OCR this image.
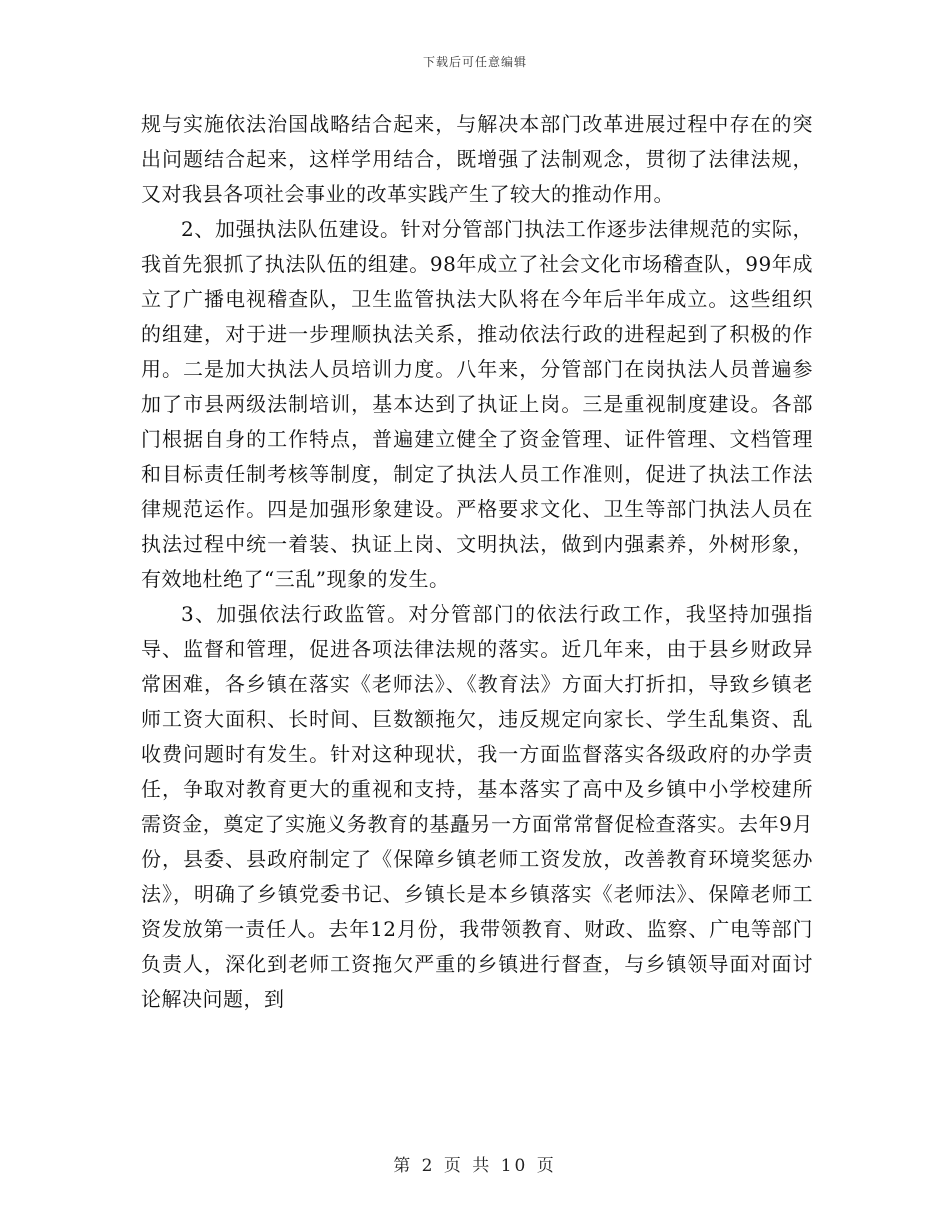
下载后可任意编辑

规与实施依法治国战略结合起来，与解决本部门改革进展过程中存在的突出问题结合起来，这样学用结合，既增强了法制观念，贯彻了法律法规，又对我县各项社会事业的改革实践产生了较大的推动作用。

2、加强执法队伍建设。针对分管部门执法工作逐步法律规范的实际，我首先狠抓了执法队伍的组建。98年成立了社会文化市场稽查队，99年成立了广播电视稽查队，卫生监管执法大队将在今年后半年成立。这些组织的组建，对于进一步理顺执法关系，推动依法行政的进程起到了积极的作用。二是加大执法人员培训力度。八年来，分管部门在岗执法人员普遍参加了市县两级法制培训，基本达到了执证上岗。三是重视制度建设。各部门根据自身的工作特点，普遍建立健全了资金管理、证件管理、文档管理和目标责任制考核等制度，制定了执法人员工作准则，促进了执法工作法律规范运作。四是加强形象建设。严格要求文化、卫生等部门执法人员在执法过程中统一着装、执证上岗、文明执法，做到内强素养，外树形象，有效地杜绝了“三乱”现象的发生。

3、加强依法行政监管。对分管部门的依法行政工作，我坚持加强指导、监督和管理，促进各项法律法规的落实。近几年来，由于县乡财政异常困难，各乡镇在落实《老师法》、《教育法》方面大打折扣，导致乡镇老师工资大面积、长时间、巨数额拖欠，违反规定向家长、学生乱集资、乱收费问题时有发生。针对这种现状，我一方面监督落实各级政府的办学责任，争取对教育更大的重视和支持，基本落实了高中及乡镇中小学校建所需资金，奠定了实施义务教育的基矗另一方面常常督促检查落实。去年9月份，县委、县政府制定了《保障乡镇老师工资发放，改善教育环境奖惩办法》，明确了乡镇党委书记、乡镇长是本乡镇落实《老师法》、保障老师工资发放第一责任人。去年12月份，我带领教育、财政、监察、广电等部门负责人，深化到老师工资拖欠严重的乡镇进行督查，与乡镇领导面对面讨论解决问题，到

第 2 页 共 10 页
